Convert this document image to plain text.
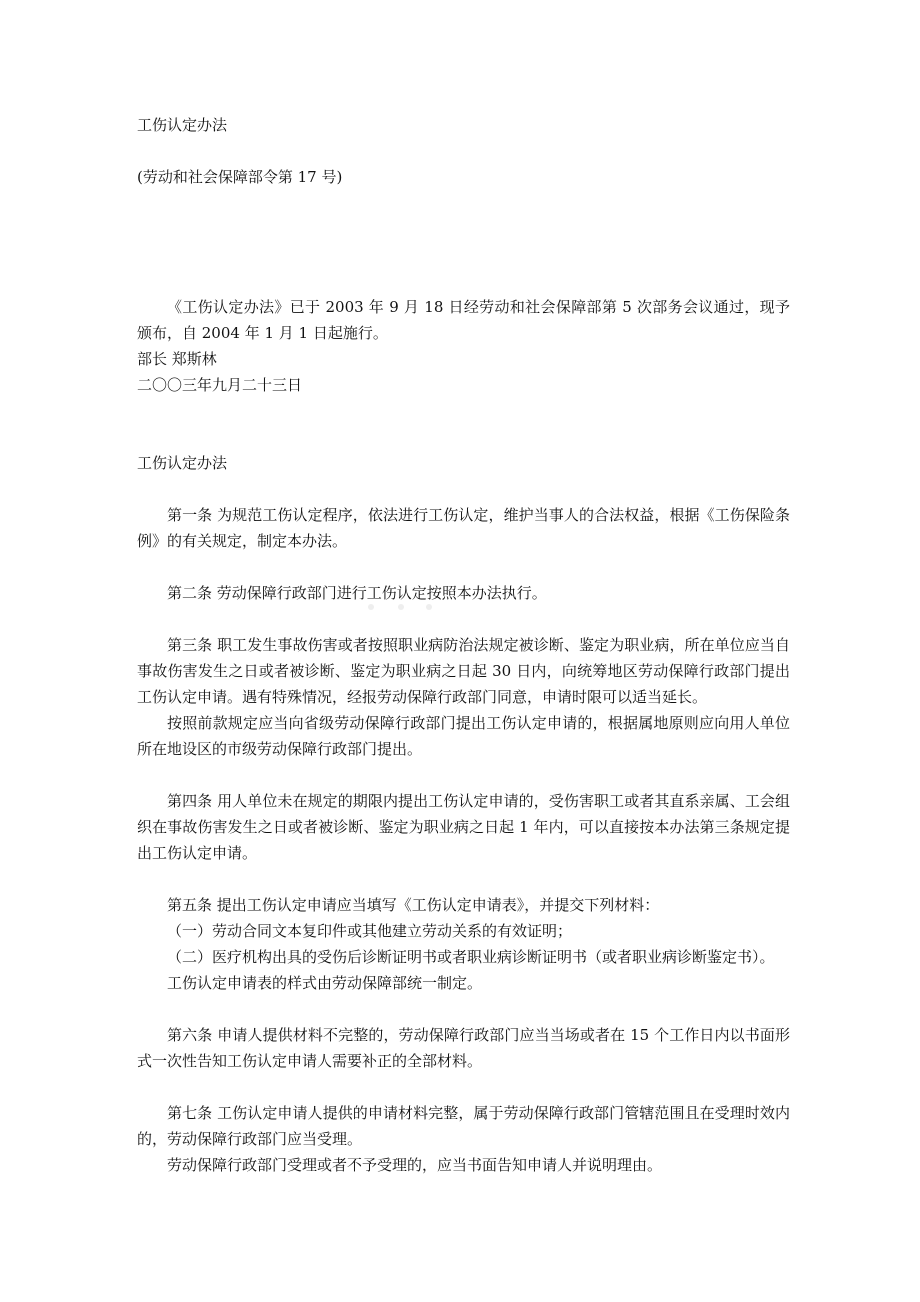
工伤认定办法

(劳动和社会保障部令第 17 号)

《工伤认定办法》已于 2003 年 9 月 18 日经劳动和社会保障部第 5 次部务会议通过，现予颁布，自 2004 年 1 月 1 日起施行。

部长 郑斯林

二〇〇三年九月二十三日

工伤认定办法

第一条 为规范工伤认定程序，依法进行工伤认定，维护当事人的合法权益，根据《工伤保险条例》的有关规定，制定本办法。

第二条 劳动保障行政部门进行工伤认定按照本办法执行。

第三条 职工发生事故伤害或者按照职业病防治法规定被诊断、鉴定为职业病，所在单位应当自事故伤害发生之日或者被诊断、鉴定为职业病之日起 30 日内，向统筹地区劳动保障行政部门提出工伤认定申请。遇有特殊情况，经报劳动保障行政部门同意，申请时限可以适当延长。

按照前款规定应当向省级劳动保障行政部门提出工伤认定申请的，根据属地原则应向用人单位所在地设区的市级劳动保障行政部门提出。

第四条 用人单位未在规定的期限内提出工伤认定申请的，受伤害职工或者其直系亲属、工会组织在事故伤害发生之日或者被诊断、鉴定为职业病之日起 1 年内，可以直接按本办法第三条规定提出工伤认定申请。

第五条 提出工伤认定申请应当填写《工伤认定申请表》，并提交下列材料：

（一）劳动合同文本复印件或其他建立劳动关系的有效证明；

（二）医疗机构出具的受伤后诊断证明书或者职业病诊断证明书（或者职业病诊断鉴定书）。

工伤认定申请表的样式由劳动保障部统一制定。

第六条 申请人提供材料不完整的，劳动保障行政部门应当当场或者在 15 个工作日内以书面形式一次性告知工伤认定申请人需要补正的全部材料。

第七条 工伤认定申请人提供的申请材料完整，属于劳动保障行政部门管辖范围且在受理时效内的，劳动保障行政部门应当受理。

劳动保障行政部门受理或者不予受理的，应当书面告知申请人并说明理由。
